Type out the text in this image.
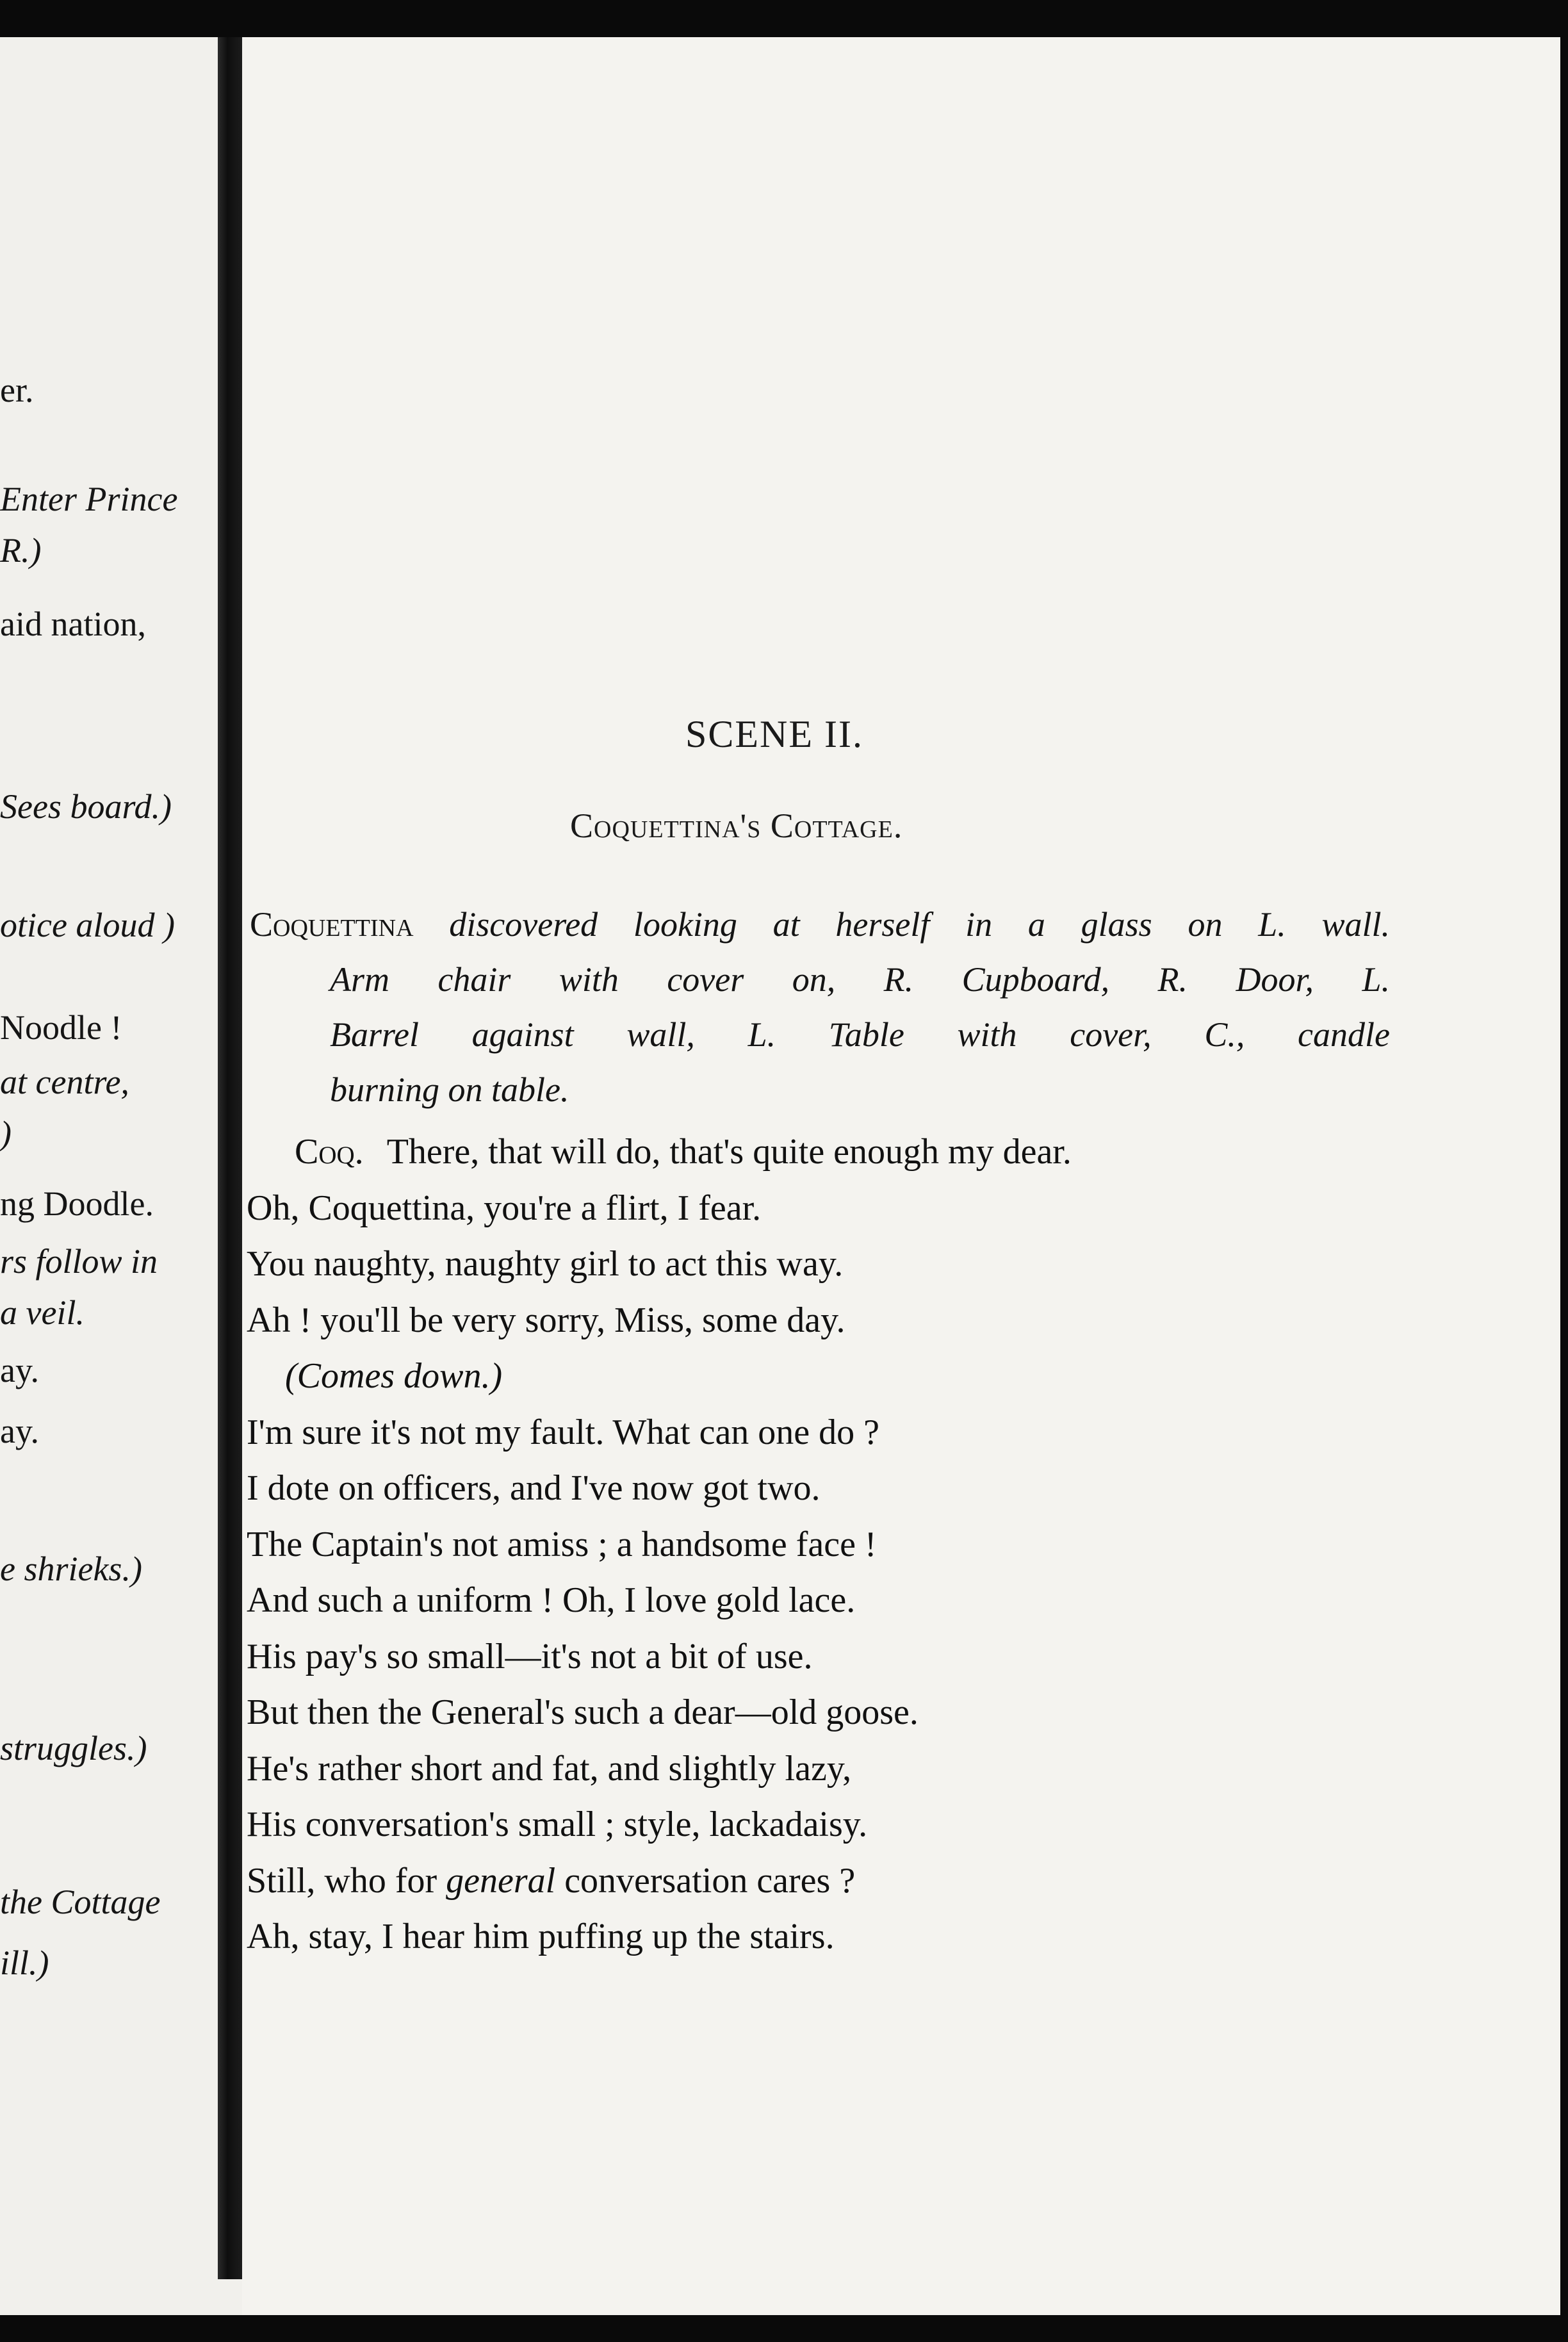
er.
Enter Prince
R.)
aid nation,
Sees board.)
otice aloud )
Noodle !
at centre,
)
ng Doodle.
rs follow in
a veil.
ay.
ay.
e shrieks.)
struggles.)
the Cottage
ill.)
SCENE II.
Coquettina's Cottage.
Coquettina discovered looking at herself in a glass on L. wall.
Arm chair with cover on, R. Cupboard, R. Door, L.
Barrel against wall, L. Table with cover, C., candle
burning on table.
Coq. There, that will do, that's quite enough my dear.
Oh, Coquettina, you're a flirt, I fear.
You naughty, naughty girl to act this way.
Ah ! you'll be very sorry, Miss, some day.
(Comes down.)
I'm sure it's not my fault. What can one do ?
I dote on officers, and I've now got two.
The Captain's not amiss ; a handsome face !
And such a uniform ! Oh, I love gold lace.
His pay's so small—it's not a bit of use.
But then the General's such a dear—old goose.
He's rather short and fat, and slightly lazy,
His conversation's small ; style, lackadaisy.
Still, who for general conversation cares ?
Ah, stay, I hear him puffing up the stairs.
